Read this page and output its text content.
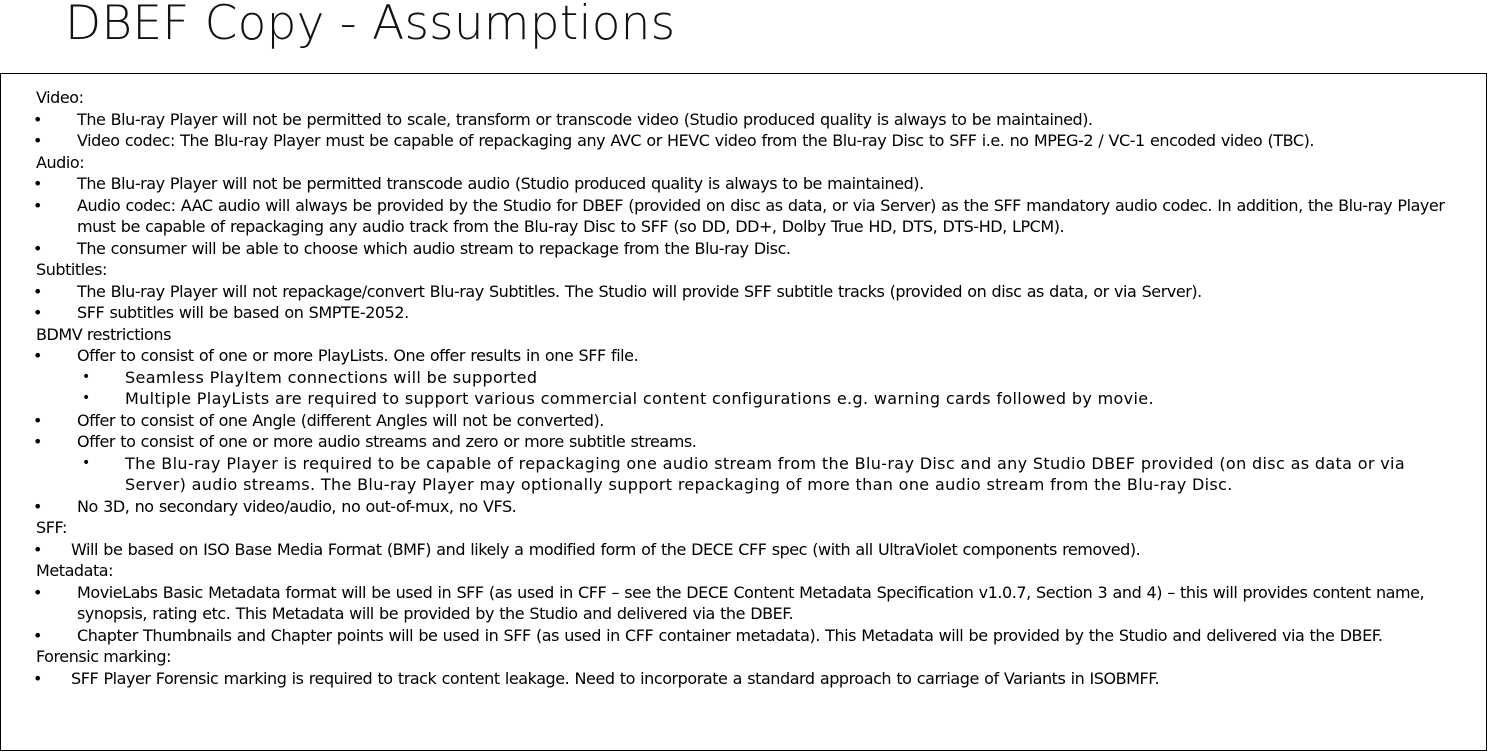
DBEF Copy - Assumptions
Video:
• The Blu-ray Player will not be permitted to scale, transform or transcode video (Studio produced quality is always to be maintained).
• Video codec: The Blu-ray Player must be capable of repackaging any AVC or HEVC video from the Blu-ray Disc to SFF i.e. no MPEG-2 / VC-1 encoded video (TBC).
Audio:
• The Blu-ray Player will not be permitted transcode audio (Studio produced quality is always to be maintained).
• Audio codec: AAC audio will always be provided by the Studio for DBEF (provided on disc as data, or via Server) as the SFF mandatory audio codec. In addition, the Blu-ray Player must be capable of repackaging any audio track from the Blu-ray Disc to SFF (so DD, DD+, Dolby True HD, DTS, DTS-HD, LPCM).
• The consumer will be able to choose which audio stream to repackage from the Blu-ray Disc.
Subtitles:
• The Blu-ray Player will not repackage/convert Blu-ray Subtitles. The Studio will provide SFF subtitle tracks (provided on disc as data, or via Server).
• SFF subtitles will be based on SMPTE-2052.
BDMV restrictions
• Offer to consist of one or more PlayLists. One offer results in one SFF file.
• Seamless PlayItem connections will be supported
• Multiple PlayLists are required to support various commercial content configurations e.g. warning cards followed by movie.
• Offer to consist of one Angle (different Angles will not be converted).
• Offer to consist of one or more audio streams and zero or more subtitle streams.
• The Blu-ray Player is required to be capable of repackaging one audio stream from the Blu-ray Disc and any Studio DBEF provided (on disc as data or via Server) audio streams. The Blu-ray Player may optionally support repackaging of more than one audio stream from the Blu-ray Disc.
• No 3D, no secondary video/audio, no out-of-mux, no VFS.
SFF:
• Will be based on ISO Base Media Format (BMF) and likely a modified form of the DECE CFF spec (with all UltraViolet components removed).
Metadata:
• MovieLabs Basic Metadata format will be used in SFF (as used in CFF – see the DECE Content Metadata Specification v1.0.7, Section 3 and 4) – this will provides content name, synopsis, rating etc. This Metadata will be provided by the Studio and delivered via the DBEF.
• Chapter Thumbnails and Chapter points will be used in SFF (as used in CFF container metadata). This Metadata will be provided by the Studio and delivered via the DBEF.
Forensic marking:
• SFF Player Forensic marking is required to track content leakage. Need to incorporate a standard approach to carriage of Variants in ISOBMFF.
